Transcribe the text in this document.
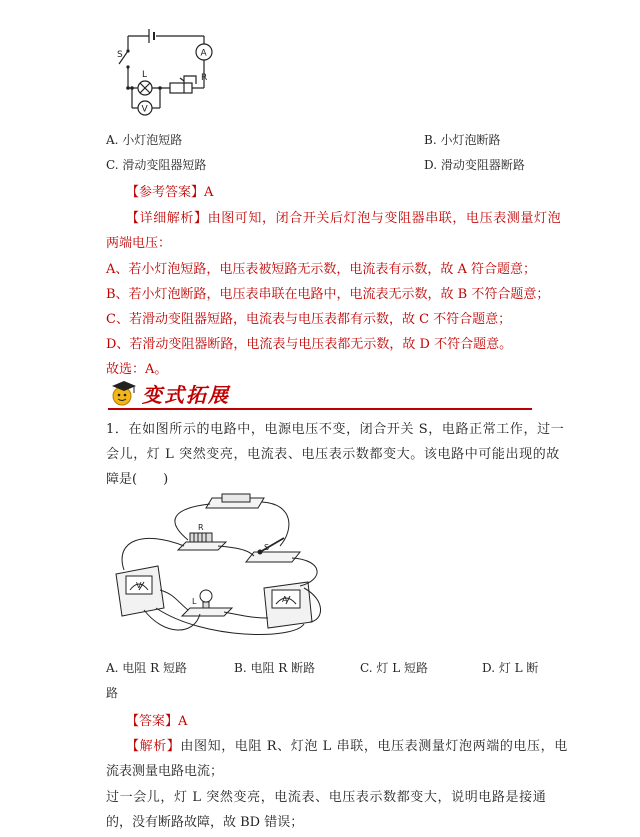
S
L	R
A
V
A. 小灯泡短路	B. 小灯泡断路
C. 滑动变阻器短路	D. 滑动变阻器断路
【参考答案】A
【详细解析】由图可知，闭合开关后灯泡与变阻器串联，电压表测量灯泡
两端电压：
A、若小灯泡短路，电压表被短路无示数，电流表有示数，故 A 符合题意；
B、若小灯泡断路，电压表串联在电路中，电流表无示数，故 B 不符合题意；
C、若滑动变阻器短路，电流表与电压表都有示数，故 C 不符合题意；
D、若滑动变阻器断路，电流表与电压表都无示数，故 D 不符合题意。
故选：A。
变式拓展
1．在如图所示的电路中，电源电压不变，闭合开关 S，电路正常工作，过一
会儿，灯 L 突然变亮，电流表、电压表示数都变大。该电路中可能出现的故
障是(　　)
R
S
L
V
A
A. 电阻 R 短路	B. 电阻 R 断路	C. 灯 L 短路	D. 灯 L 断
路
【答案】A
【解析】由图知，电阻 R、灯泡 L 串联，电压表测量灯泡两端的电压，电
流表测量电路电流；
过一会儿，灯 L 突然变亮，电流表、电压表示数都变大，说明电路是接通
的，没有断路故障，故 BD 错误；
